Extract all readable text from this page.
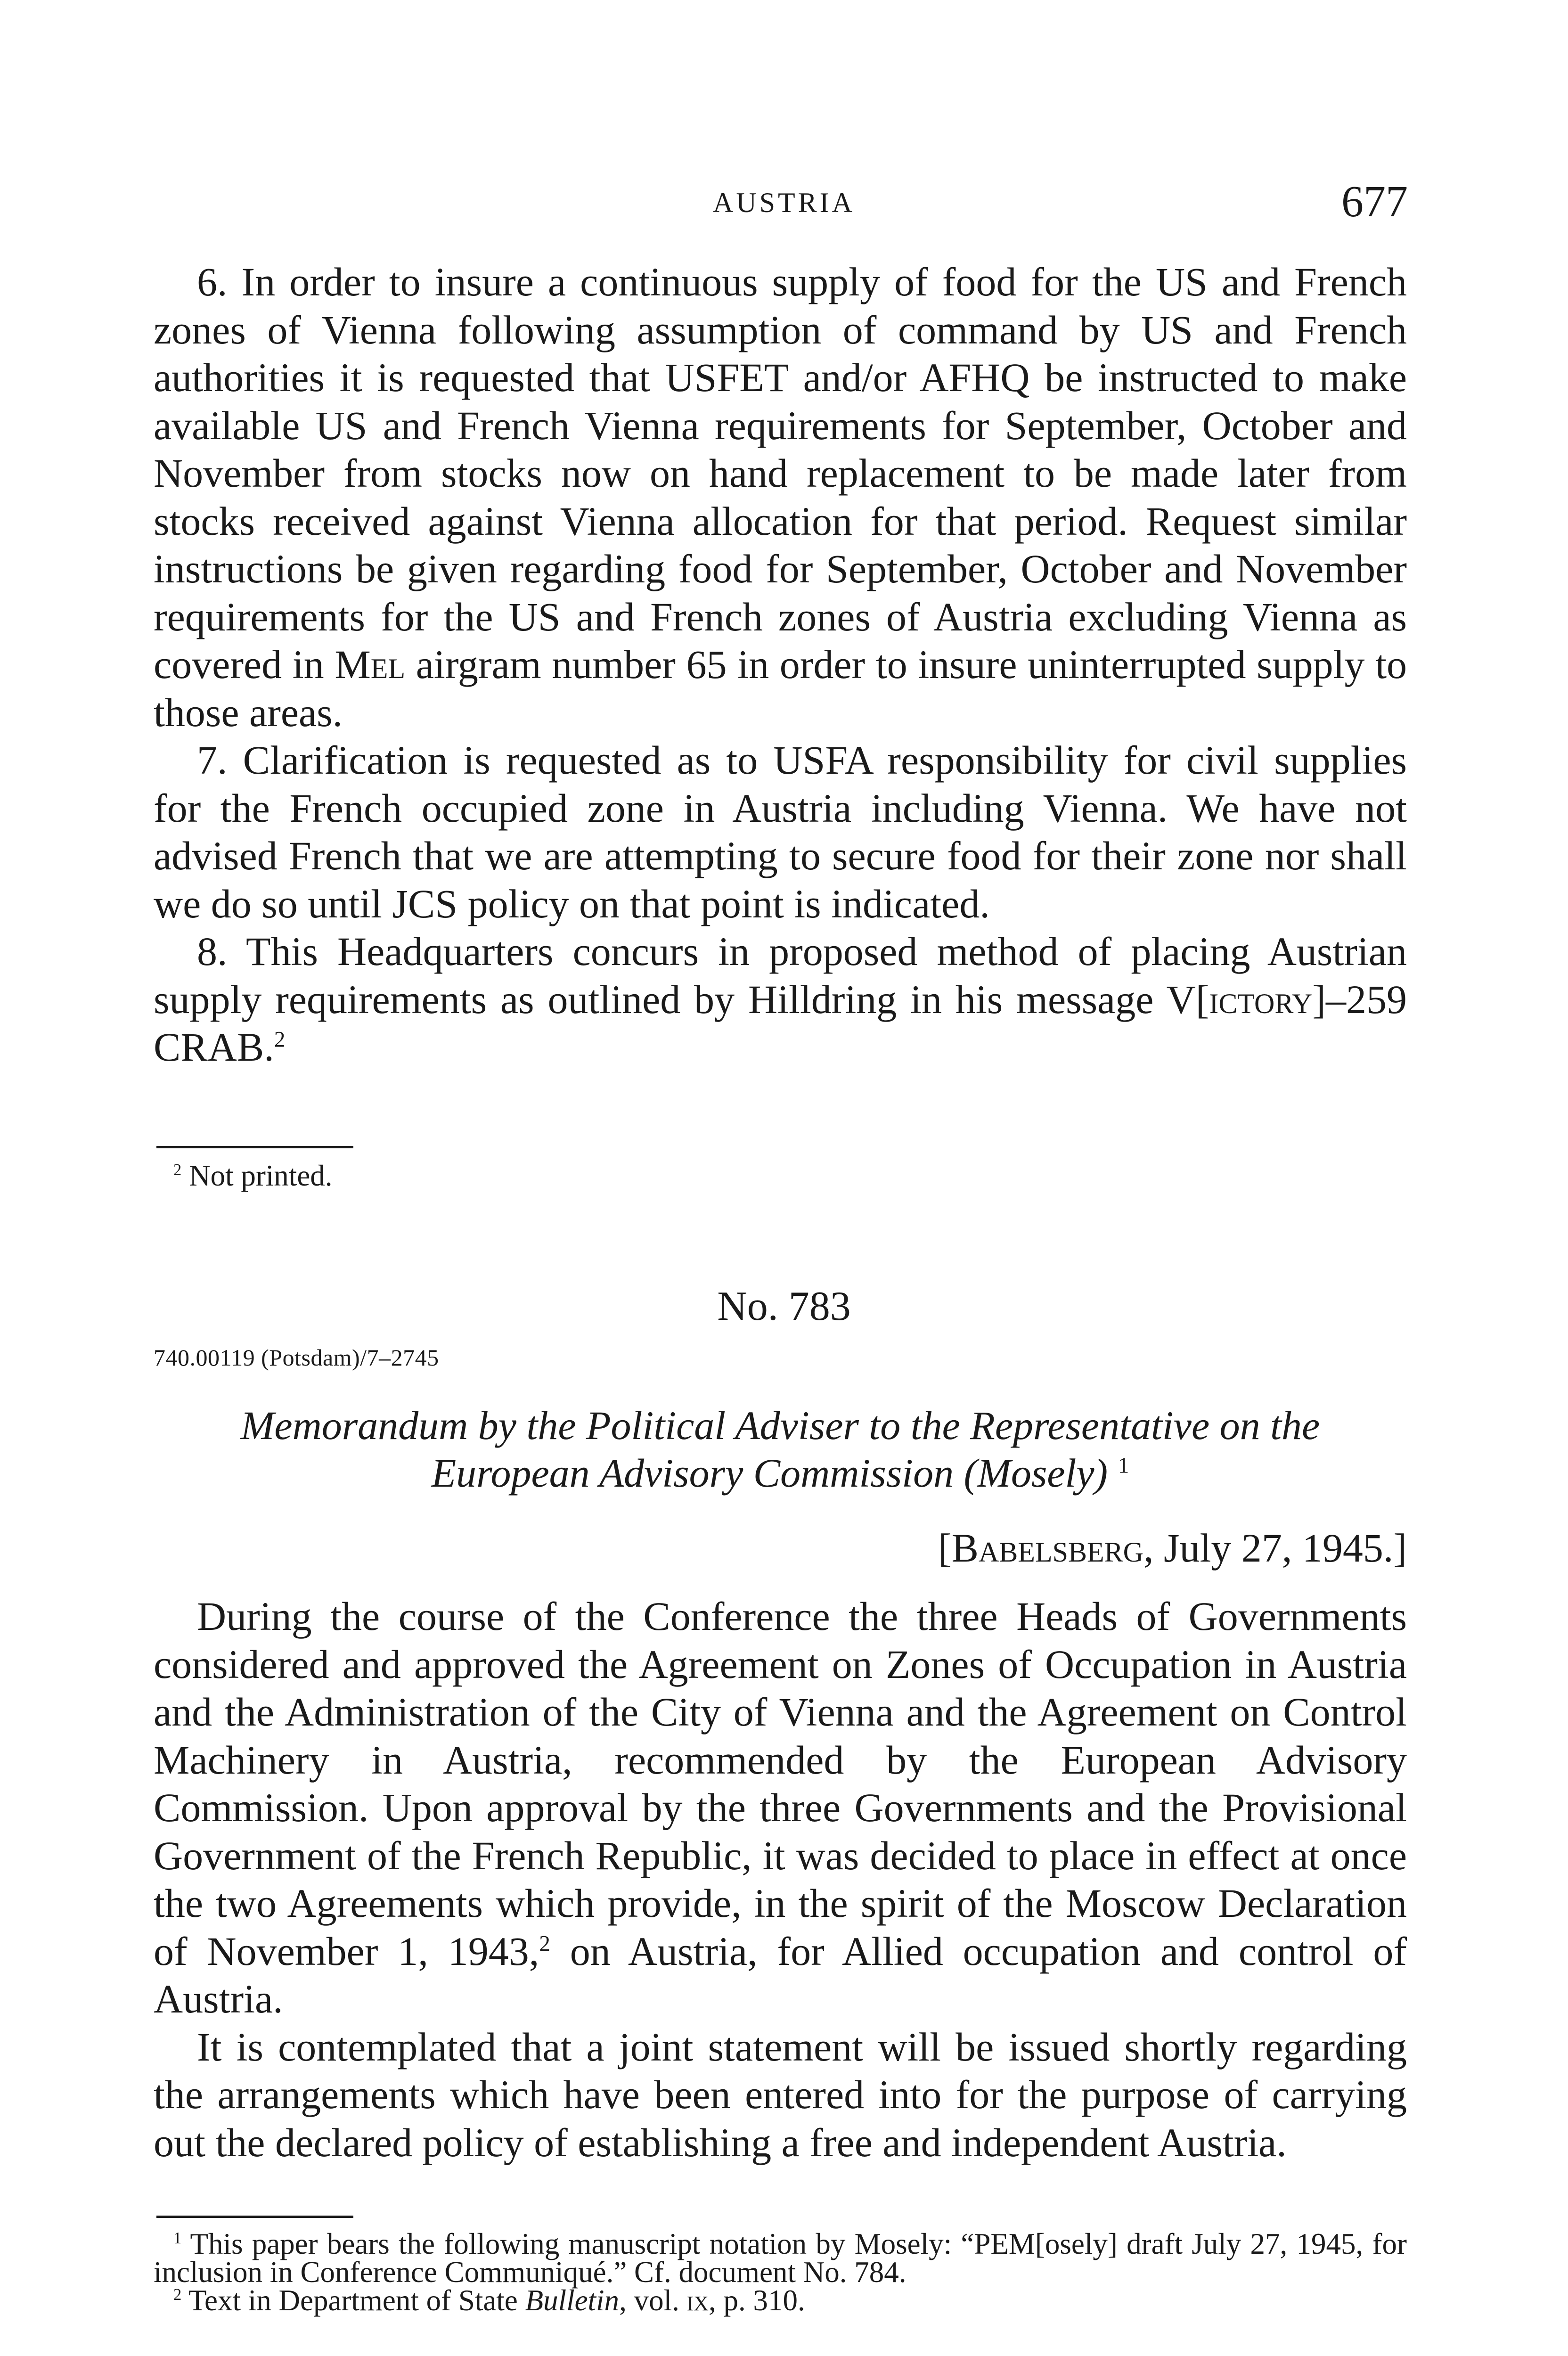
AUSTRIA	677

6. In order to insure a continuous supply of food for the US and French zones of Vienna following assumption of command by US and French authorities it is requested that USFET and/or AFHQ be instructed to make available US and French Vienna requirements for September, October and November from stocks now on hand replacement to be made later from stocks received against Vienna allocation for that period. Request similar instructions be given regarding food for September, October and November requirements for the US and French zones of Austria excluding Vienna as covered in Mel airgram number 65 in order to insure uninterrupted supply to those areas.

7. Clarification is requested as to USFA responsibility for civil supplies for the French occupied zone in Austria including Vienna. We have not advised French that we are attempting to secure food for their zone nor shall we do so until JCS policy on that point is indicated.

8. This Headquarters concurs in proposed method of placing Austrian supply requirements as outlined by Hilldring in his message V[ictory]–259 CRAB.$^2$

$^2$ Not printed.

No. 783
740.00119 (Potsdam)/7–2745
Memorandum by the Political Adviser to the Representative on the
European Advisory Commission (Mosely) $^1$
[Babelsberg, July 27, 1945.]

During the course of the Conference the three Heads of Governments considered and approved the Agreement on Zones of Occupation in Austria and the Administration of the City of Vienna and the Agreement on Control Machinery in Austria, recommended by the European Advisory Commission. Upon approval by the three Governments and the Provisional Government of the French Republic, it was decided to place in effect at once the two Agreements which provide, in the spirit of the Moscow Declaration of November 1, 1943,$^2$ on Austria, for Allied occupation and control of Austria.

It is contemplated that a joint statement will be issued shortly regarding the arrangements which have been entered into for the purpose of carrying out the declared policy of establishing a free and independent Austria.

$^1$ This paper bears the following manuscript notation by Mosely: “PEM[osely] draft July 27, 1945, for inclusion in Conference Communiqué.” Cf. document No. 784.

$^2$ Text in Department of State Bulletin, vol. ix, p. 310.
